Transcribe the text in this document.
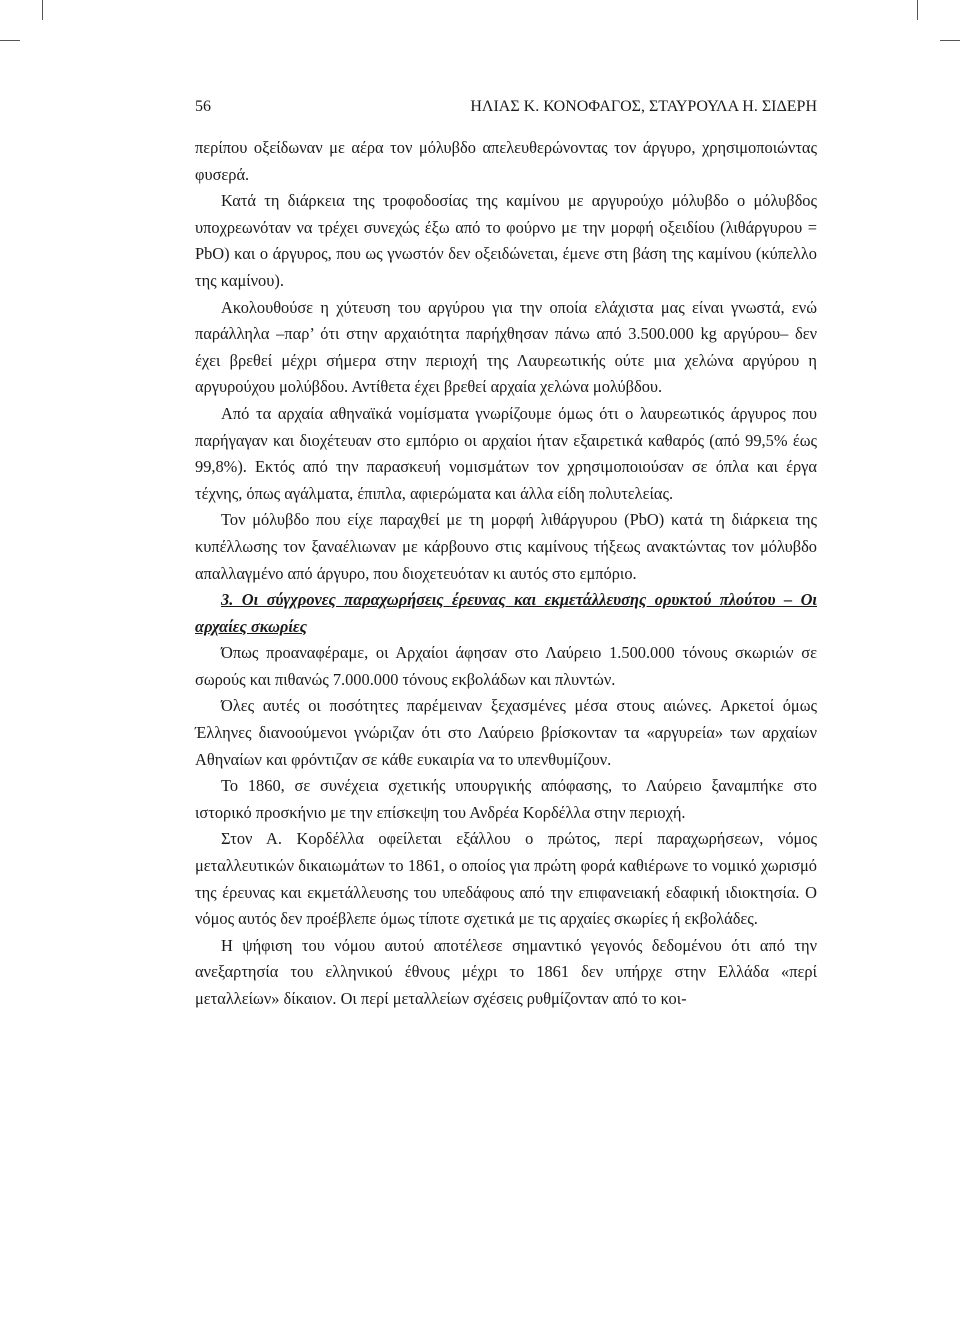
56	ΗΛΙΑΣ Κ. ΚΟΝΟΦΑΓΟΣ, ΣΤΑΥΡΟΥΛΑ Η. ΣΙΔΕΡΗ

περίπου οξείδωναν με αέρα τον μόλυβδο απελευθερώνοντας τον άργυρο, χρησιμοποιώντας φυσερά.

Κατά τη διάρκεια της τροφοδοσίας της καμίνου με αργυρούχο μόλυβδο ο μόλυβδος υποχρεωνόταν να τρέχει συνεχώς έξω από το φούρνο με την μορφή οξειδίου (λιθάργυρου = PbO) και ο άργυρος, που ως γνωστόν δεν οξειδώνεται, έμενε στη βάση της καμίνου (κύπελλο της καμίνου).

Ακολουθούσε η χύτευση του αργύρου για την οποία ελάχιστα μας είναι γνωστά, ενώ παράλληλα –παρ’ ότι στην αρχαιότητα παρήχθησαν πάνω από 3.500.000 kg αργύρου– δεν έχει βρεθεί μέχρι σήμερα στην περιοχή της Λαυρεωτικής ούτε μια χελώνα αργύρου η αργυρούχου μολύβδου. Αντίθετα έχει βρεθεί αρχαία χελώνα μολύβδου.

Από τα αρχαία αθηναϊκά νομίσματα γνωρίζουμε όμως ότι ο λαυρεωτικός άργυρος που παρήγαγαν και διοχέτευαν στο εμπόριο οι αρχαίοι ήταν εξαιρετικά καθαρός (από 99,5% έως 99,8%). Εκτός από την παρασκευή νομισμάτων τον χρησιμοποιούσαν σε όπλα και έργα τέχνης, όπως αγάλματα, έπιπλα, αφιερώματα και άλλα είδη πολυτελείας.

Τον μόλυβδο που είχε παραχθεί με τη μορφή λιθάργυρου (PbO) κατά τη διάρκεια της κυπέλλωσης τον ξαναέλιωναν με κάρβουνο στις καμίνους τήξεως ανακτώντας τον μόλυβδο απαλλαγμένο από άργυρο, που διοχετευόταν κι αυτός στο εμπόριο.

3. Οι σύγχρονες παραχωρήσεις έρευνας και εκμετάλλευσης ορυκτού πλούτου – Οι αρχαίες σκωρίες

Όπως προαναφέραμε, οι Αρχαίοι άφησαν στο Λαύρειο 1.500.000 τόνους σκωριών σε σωρούς και πιθανώς 7.000.000 τόνους εκβολάδων και πλυντών.

Όλες αυτές οι ποσότητες παρέμειναν ξεχασμένες μέσα στους αιώνες. Αρκετοί όμως Έλληνες διανοούμενοι γνώριζαν ότι στο Λαύρειο βρίσκονταν τα «αργυρεία» των αρχαίων Αθηναίων και φρόντιζαν σε κάθε ευκαιρία να το υπενθυμίζουν.

Το 1860, σε συνέχεια σχετικής υπουργικής απόφασης, το Λαύρειο ξαναμπήκε στο ιστορικό προσκήνιο με την επίσκεψη του Ανδρέα Κορδέλλα στην περιοχή.

Στον Α. Κορδέλλα οφείλεται εξάλλου ο πρώτος, περί παραχωρήσεων, νόμος μεταλλευτικών δικαιωμάτων το 1861, ο οποίος για πρώτη φορά καθιέρωνε το νομικό χωρισμό της έρευνας και εκμετάλλευσης του υπεδάφους από την επιφανειακή εδαφική ιδιοκτησία. Ο νόμος αυτός δεν προέβλεπε όμως τίποτε σχετικά με τις αρχαίες σκωρίες ή εκβολάδες.

Η ψήφιση του νόμου αυτού αποτέλεσε σημαντικό γεγονός δεδομένου ότι από την ανεξαρτησία του ελληνικού έθνους μέχρι το 1861 δεν υπήρχε στην Ελλάδα «περί μεταλλείων» δίκαιον. Οι περί μεταλλείων σχέσεις ρυθμίζονταν από το κοι-
